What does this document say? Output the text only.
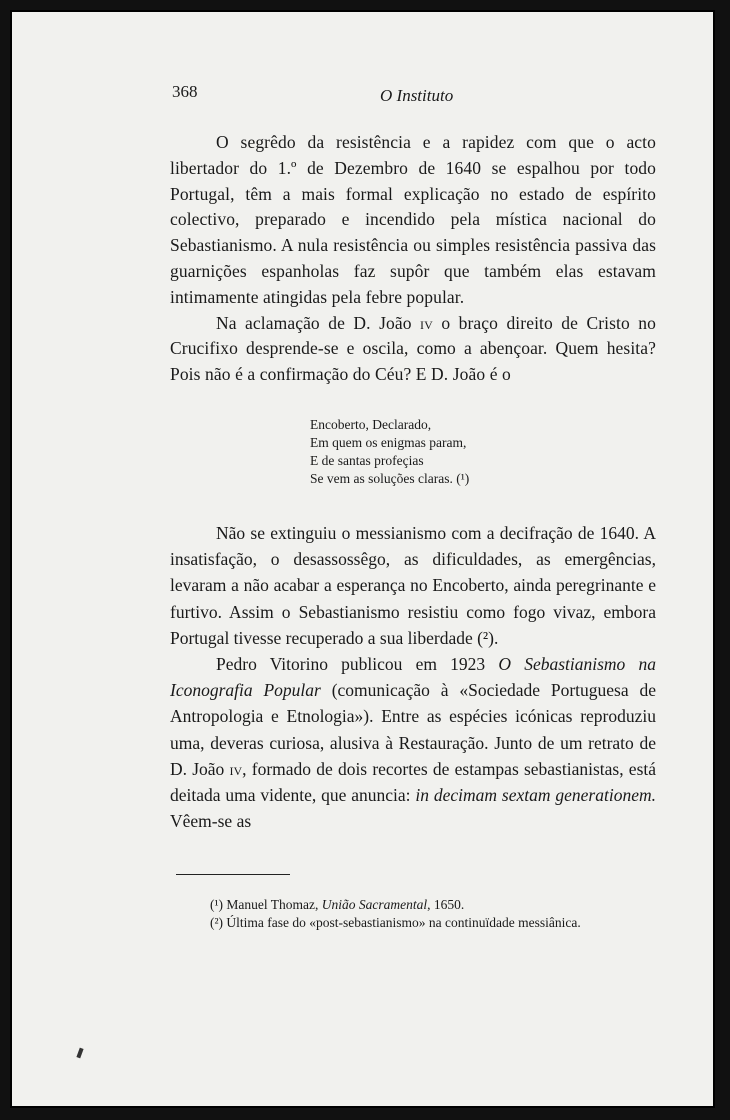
368	O Instituto

O segrêdo da resistência e a rapidez com que o acto libertador do 1.º de Dezembro de 1640 se espalhou por todo Portugal, têm a mais formal explicação no estado de espírito colectivo, preparado e incendido pela mística nacional do Sebastianismo. A nula resistência ou simples resistência passiva das guarnições espanholas faz supôr que também elas estavam intimamente atingidas pela febre popular.

Na aclamação de D. João iv o braço direito de Cristo no Crucifixo desprende-se e oscila, como a abençoar. Quem hesita? Pois não é a confirmação do Céu? E D. João é o

Encoberto, Declarado,
Em quem os enigmas param,
E de santas profeçias
Se vem as soluções claras. (¹)

Não se extinguiu o messianismo com a decifração de 1640. A insatisfação, o desassossêgo, as dificuldades, as emergências, levaram a não acabar a esperança no Encoberto, ainda peregrinante e furtivo. Assim o Sebastianismo resistiu como fogo vivaz, embora Portugal tivesse recuperado a sua liberdade (²).

Pedro Vitorino publicou em 1923 O Sebastianismo na Iconografia Popular (comunicação à «Sociedade Portuguesa de Antropologia e Etnologia»). Entre as espécies icónicas reproduziu uma, deveras curiosa, alusiva à Restauração. Junto de um retrato de D. João iv, formado de dois recortes de estampas sebastianistas, está deitada uma vidente, que anuncia: in decimam sextam generationem. Vêem-se as

(¹) Manuel Thomaz, União Sacramental, 1650.

(²) Última fase do «post-sebastianismo» na continuïdade messiânica.
